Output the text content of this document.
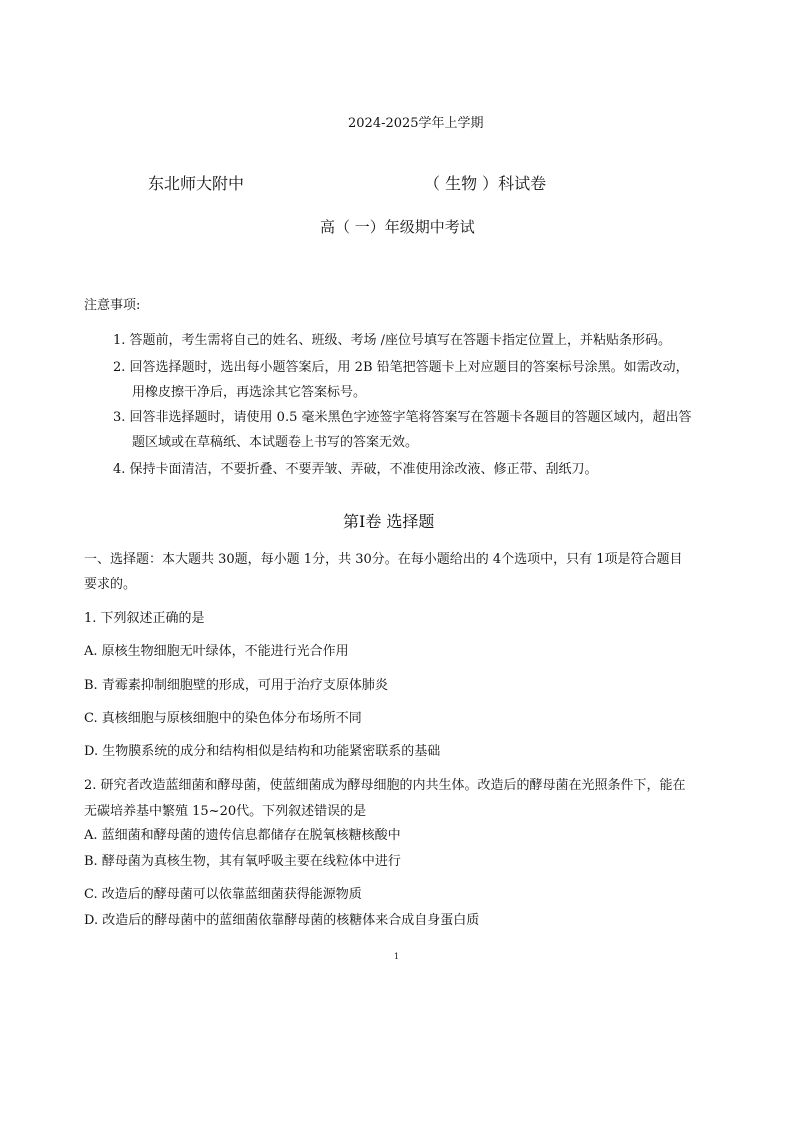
2024-2025学年上学期
东北师大附中	（ 生物 ）科试卷
高（ 一）年级期中考试
注意事项:
1. 答题前，考生需将自己的姓名、班级、考场 /座位号填写在答题卡指定位置上，并粘贴条形码。
2. 回答选择题时，选出每小题答案后，用 2B 铅笔把答题卡上对应题目的答案标号涂黑。如需改动，
用橡皮擦干净后，再选涂其它答案标号。
3. 回答非选择题时，请使用 0.5 毫米黑色字迹签字笔将答案写在答题卡各题目的答题区域内，超出答
题区域或在草稿纸、本试题卷上书写的答案无效。
4. 保持卡面清洁，不要折叠、不要弄皱、弄破，不准使用涂改液、修正带、刮纸刀。
第Ⅰ卷 选择题
一、选择题：本大题共 30题，每小题 1分，共 30分。在每小题给出的 4个选项中，只有 1项是符合题目
要求的。
1. 下列叙述正确的是
A. 原核生物细胞无叶绿体，不能进行光合作用
B. 青霉素抑制细胞壁的形成，可用于治疗支原体肺炎
C. 真核细胞与原核细胞中的染色体分布场所不同
D. 生物膜系统的成分和结构相似是结构和功能紧密联系的基础
2. 研究者改造蓝细菌和酵母菌，使蓝细菌成为酵母细胞的内共生体。改造后的酵母菌在光照条件下，能在
无碳培养基中繁殖 15~20代。下列叙述错误的是
A. 蓝细菌和酵母菌的遗传信息都储存在脱氧核糖核酸中
B. 酵母菌为真核生物，其有氧呼吸主要在线粒体中进行
C. 改造后的酵母菌可以依靠蓝细菌获得能源物质
D. 改造后的酵母菌中的蓝细菌依靠酵母菌的核糖体来合成自身蛋白质
1
